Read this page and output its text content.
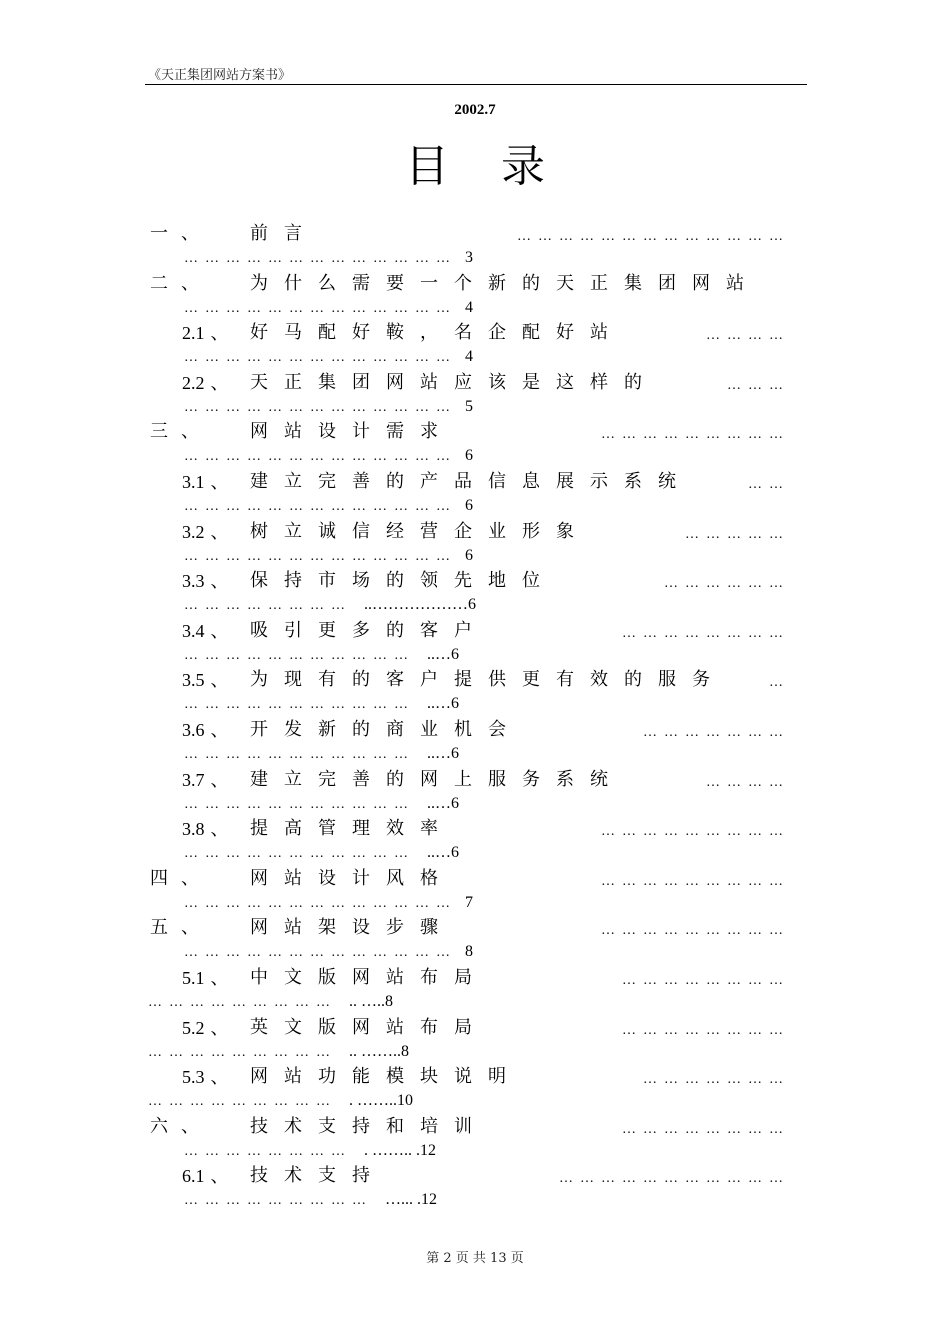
《天正集团网站方案书》
2002.7
目录
一、 前言	…………………………………
………………………………… 3
二、 为什么需要一个新的天正集团网站
………………………………… 4
2.1 、 好马配好鞍，名企配好站	…………
………………………………… 4
2.2 、 天正集团网站应该是这样的	………
………………………………… 5
三、 网站设计需求	………………………
………………………………… 6
3.1 、 建立完善的产品信息展示系统	……
………………………………… 6
3.2 、 树立诚信经营企业形象	……………
………………………………… 6
3.3 、 保持市场的领先地位	………………
…………………… ..………………6
3.4 、 吸引更多的客户	……………………
…………………………… ..…6
3.5 、 为现有的客户提供更有效的服务	…
…………………………… ..…6
3.6 、 开发新的商业机会	…………………
…………………………… ..…6
3.7 、 建立完善的网上服务系统	…………
…………………………… ..…6
3.8 、 提高管理效率	………………………
…………………………… ..…6
四、 网站设计风格	………………………
………………………………… 7
五、 网站架设步骤	………………………
………………………………… 8
5.1 、 中文版网站布局	……………………
……………………… .. …..8
5.2 、 英文版网站布局	……………………
……………………… .. ……..8
5.3 、 网站功能模块说明	…………………
……………………… . ……..10
六、 技术支持和培训	……………………
…………………… . …….. .12
6.1 、 技术支持	……………………………
……………………… …... .12
第 2 页 共 13 页
